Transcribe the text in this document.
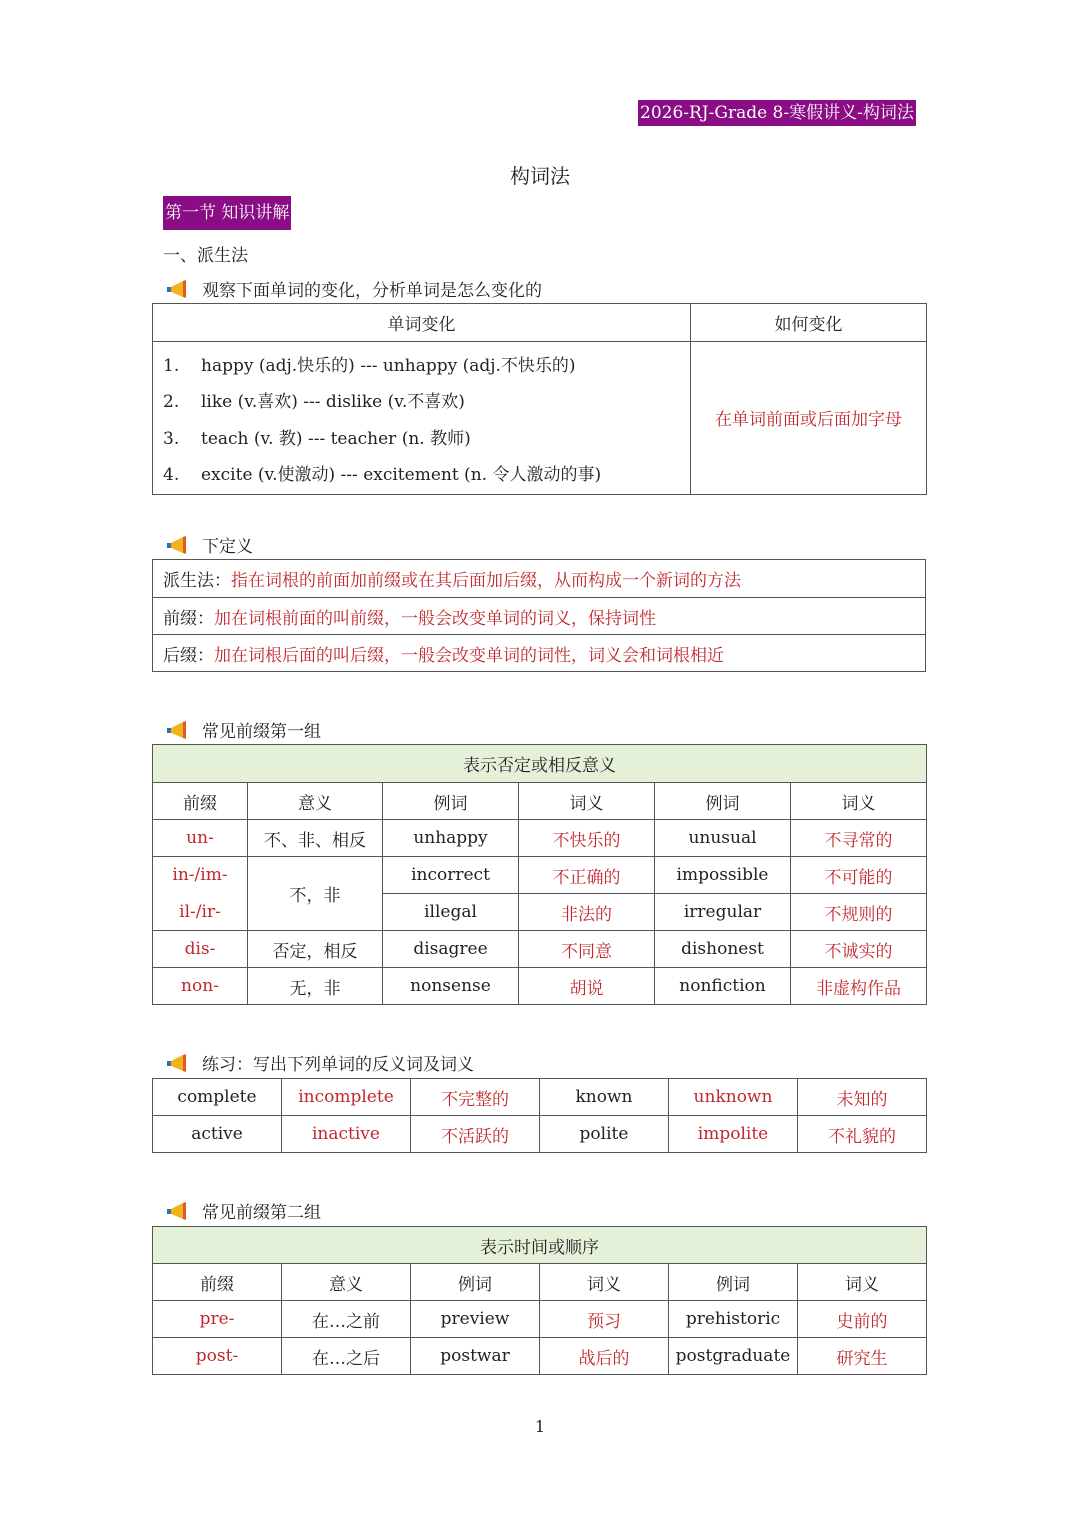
2026-RJ-Grade 8-寒假讲义-构词法
构词法
第一节 知识讲解
一、派生法
观察下面单词的变化，分析单词是怎么变化的
单词变化	如何变化

1. happy (adj.快乐的) --- unhappy (adj.不快乐的)
2. like (v.喜欢) --- dislike (v.不喜欢)
3. teach (v. 教) --- teacher (n. 教师)
4. excite (v.使激动) --- excitement (n. 令人激动的事)	在单词前面或后面加字母
下定义
派生法：指在词根的前面加前缀或在其后面加后缀，从而构成一个新词的方法
前缀：加在词根前面的叫前缀，一般会改变单词的词义，保持词性
后缀：加在词根后面的叫后缀，一般会改变单词的词性，词义会和词根相近
常见前缀第一组
表示否定或相反意义					
前缀	意义	例词	词义	例词	词义
un-	不、非、相反	unhappy	不快乐的	unusual	不寻常的
in-/im-	不，非	incorrect	不正确的	impossible	不可能的
il-/ir-		illegal	非法的	irregular	不规则的
dis-	否定，相反	disagree	不同意	dishonest	不诚实的
non-	无，非	nonsense	胡说	nonfiction	非虚构作品
练习：写出下列单词的反义词及词义
complete	incomplete	不完整的	known	unknown	未知的
active	inactive	不活跃的	polite	impolite	不礼貌的
常见前缀第二组
表示时间或顺序					
前缀	意义	例词	词义	例词	词义
pre-	在…之前	preview	预习	prehistoric	史前的
post-	在…之后	postwar	战后的	postgraduate	研究生
1
